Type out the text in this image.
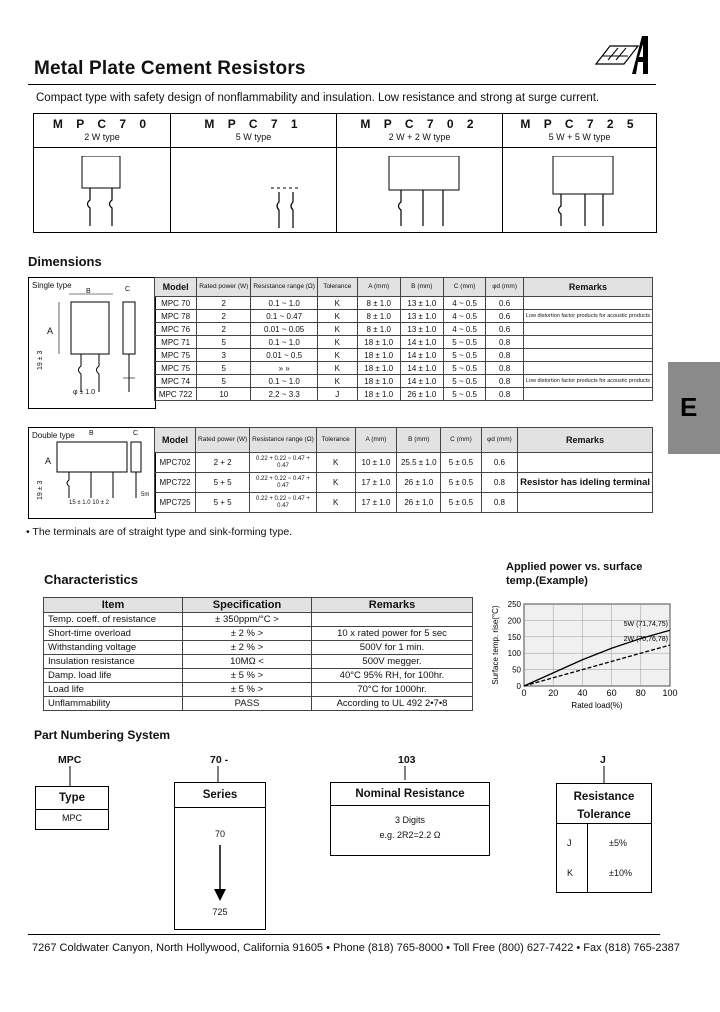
Metal Plate Cement Resistors
Compact type with safety design of nonflammability and insulation. Low resistance and strong at surge current.
M P C 7 0
2 W type
M P C 7 1
5 W type
M P C 7 0 2
2 W + 2 W type
M P C 7 2 5
5 W + 5 W type
Dimensions
Single type
B	C
A
19 ± 3
φ ± 1.0
Model	Rated power (W)	Resistance range (Ω)	Tolerance	A (mm)	B (mm)	C (mm)	φd (mm)	Remarks
MPC 70	2	0.1 ~ 1.0	K	8 ± 1.0	13 ± 1.0	4 ~ 0.5	0.6	
MPC 78	2	0.1 ~ 0.47	K	8 ± 1.0	13 ± 1.0	4 ~ 0.5	0.6	Low distortion factor products for acoustic products
MPC 76	2	0.01 ~ 0.05	K	8 ± 1.0	13 ± 1.0	4 ~ 0.5	0.6	
MPC 71	5	0.1 ~ 1.0	K	18 ± 1.0	14 ± 1.0	5 ~ 0.5	0.8	
MPC 75	3	0.01 ~ 0.5	K	18 ± 1.0	14 ± 1.0	5 ~ 0.5	0.8	
MPC 75	5	» »	K	18 ± 1.0	14 ± 1.0	5 ~ 0.5	0.8	
MPC 74	5	0.1 ~ 1.0	K	18 ± 1.0	14 ± 1.0	5 ~ 0.5	0.8	Low distortion factor products for acoustic products
MPC 722	10	2.2 ~ 3.3	J	18 ± 1.0	26 ± 1.0	5 ~ 0.5	0.8	
Double type B	C
A
19 ± 3
15 ± 1.0 10 ± 2
5m
Model	Rated power (W)	Resistance range (Ω)	Tolerance	A (mm)	B (mm)	C (mm)	φd (mm)	Remarks
MPC702	2 + 2	0.22 + 0.22 ~ 0.47 + 0.47	K	10 ± 1.0	25.5 ± 1.0	5 ± 0.5	0.6	
MPC722	5 + 5	0.22 + 0.22 ~ 0.47 + 0.47	K	17 ± 1.0	26 ± 1.0	5 ± 0.5	0.8	Resistor has ideling terminal
MPC725	5 + 5	0.22 + 0.22 ~ 0.47 + 0.47	K	17 ± 1.0	26 ± 1.0	5 ± 0.5	0.8	
• The terminals are of straight type and sink-forming type.
E
Characteristics
Item	Specification	Remarks
Temp. coeff. of resistance	± 350ppm/°C >	
Short-time overload	± 2 % >	10 x rated power for 5 sec
Withstanding voltage	± 2 % >	500V for 1 min.
Insulation resistance	10MΩ <	500V megger.
Damp. load life	± 5 % >	40°C 95% RH, for 100hr.
Load life	± 5 % >	70°C for 1000hr.
Unflammability	PASS	According to UL 492 2•7•8
Applied power vs. surface temp.(Example)
0 20 40 60 80 100
0
50
100
150
200
250
Rated load(%)
Surface temp. rise(°C)	5W (71,74,75)
2W (70,76,78)
Part Numbering System
MPC	70 -	103	J
Type
MPC
Series
70
725
Nominal Resistance
3 Digits
e.g. 2R2=2.2 Ω
Resistance
Tolerance
J	±5%
K	±10%
7267 Coldwater Canyon, North Hollywood, California 91605 • Phone (818) 765-8000 • Toll Free (800) 627-7422 • Fax (818) 765-2387
